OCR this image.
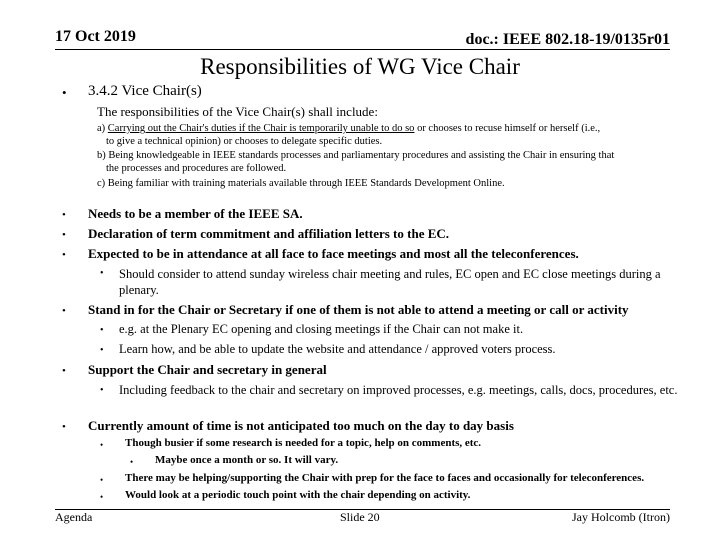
17 Oct 2019	doc.: IEEE 802.18-19/0135r01
Responsibilities of WG Vice Chair
• 3.4.2 Vice Chair(s)
The responsibilities of the Vice Chair(s) shall include:
a) Carrying out the Chair's duties if the Chair is temporarily unable to do so or chooses to recuse himself or herself (i.e.,
to give a technical opinion) or chooses to delegate specific duties.
b) Being knowledgeable in IEEE standards processes and parliamentary procedures and assisting the Chair in ensuring that
the processes and procedures are followed.
c) Being familiar with training materials available through IEEE Standards Development Online.
• Needs to be a member of the IEEE SA.
• Declaration of term commitment and affiliation letters to the EC.
• Expected to be in attendance at all face to face meetings and most all the teleconferences.
• Should consider to attend sunday wireless chair meeting and rules, EC open and EC close meetings during a plenary.
• Stand in for the Chair or Secretary if one of them is not able to attend a meeting or call or activity
• e.g. at the Plenary EC opening and closing meetings if the Chair can not make it.
• Learn how, and be able to update the website and attendance / approved voters process.
• Support the Chair and secretary in general
• Including feedback to the chair and secretary on improved processes, e.g. meetings, calls, docs, procedures, etc.
• Currently amount of time is not anticipated too much on the day to day basis
• Though busier if some research is needed for a topic, help on comments, etc.
• Maybe once a month or so. It will vary.
• There may be helping/supporting the Chair with prep for the face to faces and occasionally for teleconferences.
• Would look at a periodic touch point with the chair depending on activity.
Agenda	Slide 20	Jay Holcomb (Itron)
